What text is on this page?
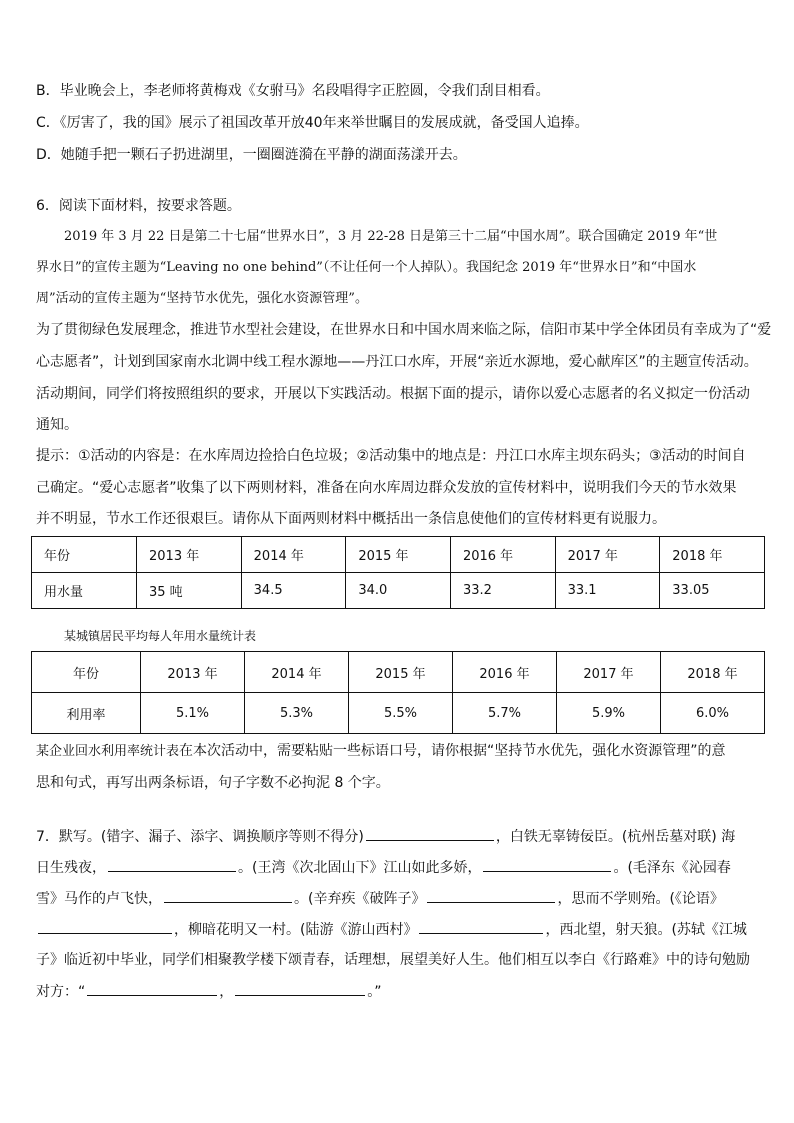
B．毕业晚会上，李老师将黄梅戏《女驸马》名段唱得字正腔圆，令我们刮目相看。
C．《厉害了，我的国》展示了祖国改革开放40年来举世瞩目的发展成就，备受国人追捧。
D．她随手把一颗石子扔进湖里，一圈圈涟漪在平静的湖面荡漾开去。
6．阅读下面材料，按要求答题。
2019 年 3 月 22 日是第二十七届“世界水日”，3 月 22-28 日是第三十二届“中国水周”。联合国确定 2019 年“世
界水日”的宣传主题为“Leaving no one behind”（不让任何一个人掉队）。我国纪念 2019 年“世界水日”和“中国水
周”活动的宣传主题为“坚持节水优先，强化水资源管理”。
为了贯彻绿色发展理念，推进节水型社会建设，在世界水日和中国水周来临之际，信阳市某中学全体团员有幸成为了“爱
心志愿者”，计划到国家南水北调中线工程水源地——丹江口水库，开展“亲近水源地，爱心献库区”的主题宣传活动。
活动期间，同学们将按照组织的要求，开展以下实践活动。根据下面的提示，请你以爱心志愿者的名义拟定一份活动
通知。
提示：①活动的内容是：在水库周边捡拾白色垃圾；②活动集中的地点是：丹江口水库主坝东码头；③活动的时间自
己确定。“爱心志愿者”收集了以下两则材料，准备在向水库周边群众发放的宣传材料中，说明我们今天的节水效果
并不明显，节水工作还很艰巨。请你从下面两则材料中概括出一条信息使他们的宣传材料更有说服力。
年份	2013 年	2014 年	2015 年	2016 年	2017 年	2018 年
用水量	35 吨	34.5	34.0	33.2	33.1	33.05
某城镇居民平均每人年用水量统计表
年份	2013 年	2014 年	2015 年	2016 年	2017 年	2018 年
利用率	5.1%	5.3%	5.5%	5.7%	5.9%	6.0%
某企业回水利用率统计表在本次活动中，需要粘贴一些标语口号，请你根据“坚持节水优先，强化水资源管理”的意
思和句式，再写出两条标语，句子字数不必拘泥 8 个字。
7．默写。(错字、漏子、添字、调换顺序等则不得分)	，白铁无辜铸佞臣。(杭州岳墓对联) 海
日生残夜，	。(王湾《次北固山下》江山如此多娇，	。(毛泽东《沁园春
雪》马作的卢飞快，	。(辛弃疾《破阵子》	，思而不学则殆。(《论语》
，柳暗花明又一村。(陆游《游山西村》	，西北望，射天狼。(苏轼《江城
子》临近初中毕业，同学们相聚教学楼下颂青春，话理想，展望美好人生。他们相互以李白《行路难》中的诗句勉励
对方：“	，	。”
